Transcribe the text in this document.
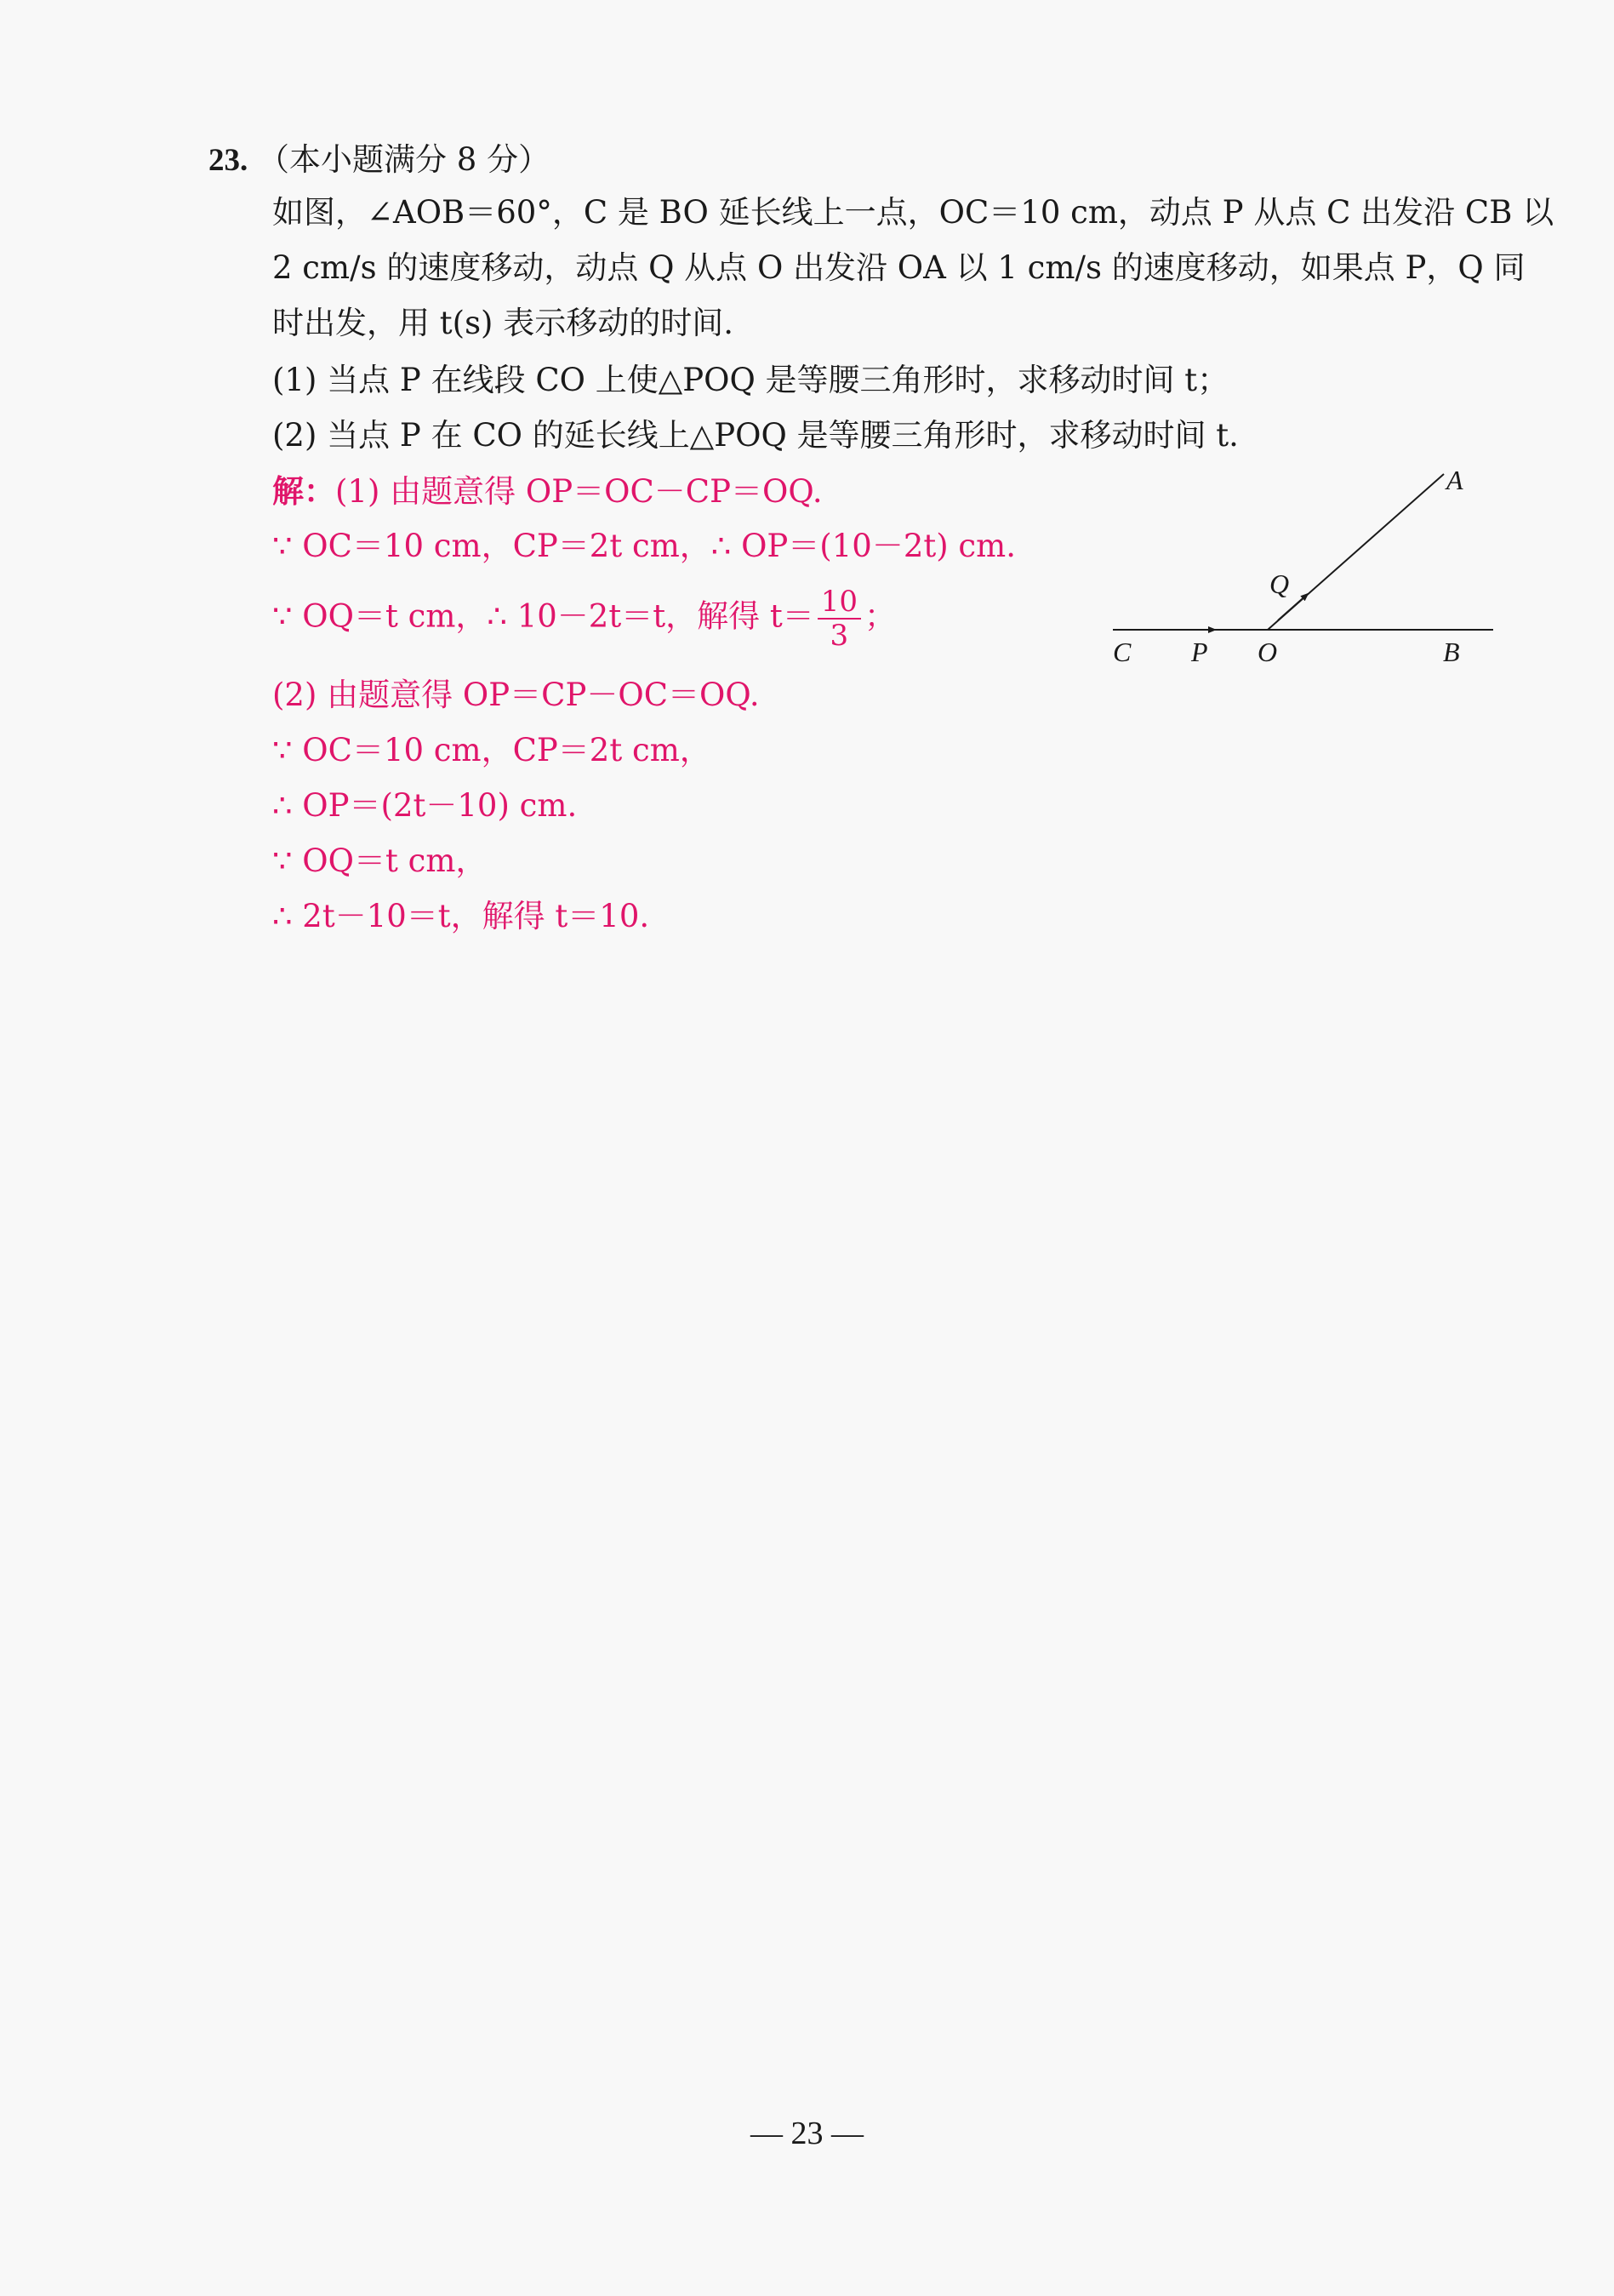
23. （本小题满分 8 分）
如图，∠AOB＝60°，C 是 BO 延长线上一点，OC＝10 cm，动点 P 从点 C 出发沿 CB 以
2 cm/s 的速度移动，动点 Q 从点 O 出发沿 OA 以 1 cm/s 的速度移动，如果点 P，Q 同
时出发，用 t(s) 表示移动的时间.
(1) 当点 P 在线段 CO 上使△POQ 是等腰三角形时，求移动时间 t；
(2) 当点 P 在 CO 的延长线上△POQ 是等腰三角形时，求移动时间 t.
解：(1) 由题意得 OP＝OC－CP＝OQ.
∵ OC＝10 cm，CP＝2t cm，∴ OP＝(10－2t) cm.
∵ OQ＝t cm，∴ 10－2t＝t，解得 $t= \frac{10}{3}$ ；
(2) 由题意得 OP＝CP－OC＝OQ.
∵ OC＝10 cm，CP＝2t cm，
∴ OP＝(2t－10) cm.
∵ OQ＝t cm，
∴ 2t－10＝t，解得 t＝10.
C P O	B
A
Q
— 23 —
